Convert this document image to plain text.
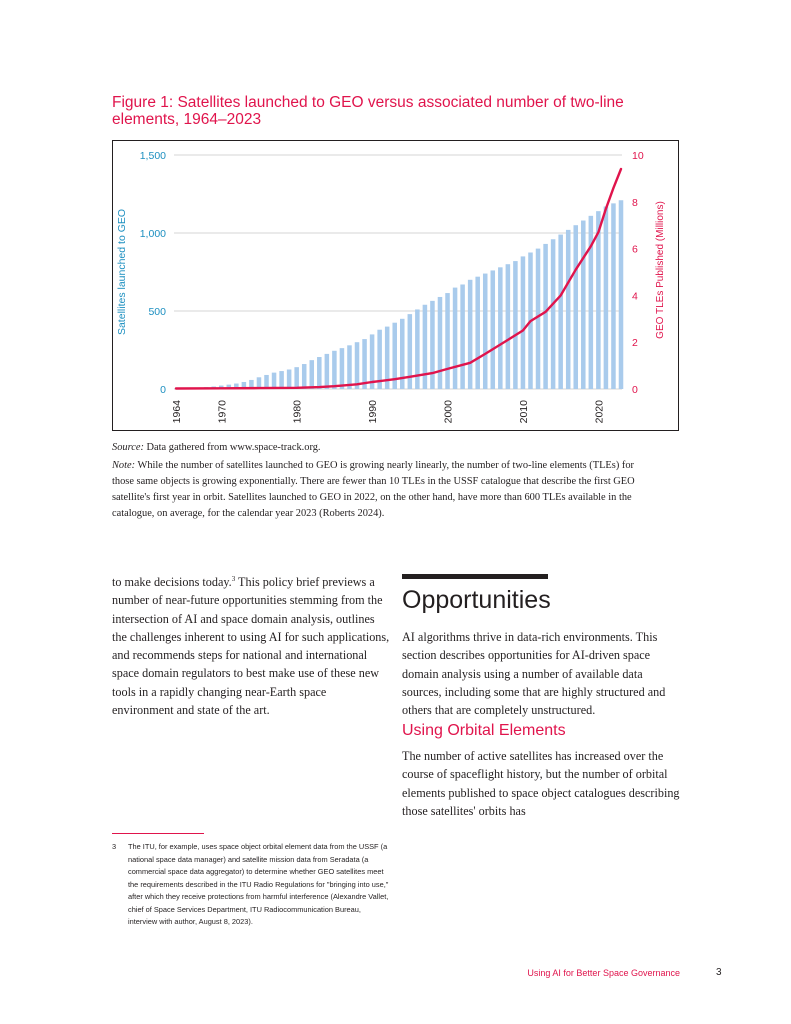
Figure 1: Satellites launched to GEO versus associated number of two-line elements, 1964–2023
0
500
1,000
1,500
0
2
4
6
8
10
1964	1970	1980	1990	2000	2010	2020
Satellites launched to GEO	GEO TLEs Published (Millions)

Source: Data gathered from www.space-track.org.

Note: While the number of satellites launched to GEO is growing nearly linearly, the number of two-line elements (TLEs) for those same objects is growing exponentially. There are fewer than 10 TLEs in the USSF catalogue that describe the first GEO satellite's first year in orbit. Satellites launched to GEO in 2022, on the other hand, have more than 600 TLEs available in the catalogue, on average, for the calendar year 2023 (Roberts 2024).

to make decisions today.$^3$ This policy brief previews a number of near-future opportunities stemming from the intersection of AI and space domain analysis, outlines the challenges inherent to using AI for such applications, and recommends steps for national and international space domain regulators to best make use of these new tools in a rapidly changing near-Earth space environment and state of the art.

Opportunities

AI algorithms thrive in data-rich environments. This section describes opportunities for AI-driven space domain analysis using a number of available data sources, including some that are highly structured and others that are completely unstructured.

Using Orbital Elements

The number of active satellites has increased over the course of spaceflight history, but the number of orbital elements published to space object catalogues describing those satellites' orbits has

3 The ITU, for example, uses space object orbital element data from the USSF (a national space data manager) and satellite mission data from Seradata (a commercial space data aggregator) to determine whether GEO satellites meet the requirements described in the ITU Radio Regulations for "bringing into use," after which they receive protections from harmful interference (Alexandre Vallet, chief of Space Services Department, ITU Radiocommunication Bureau, interview with author, August 8, 2023).
Using AI for Better Space Governance	3
